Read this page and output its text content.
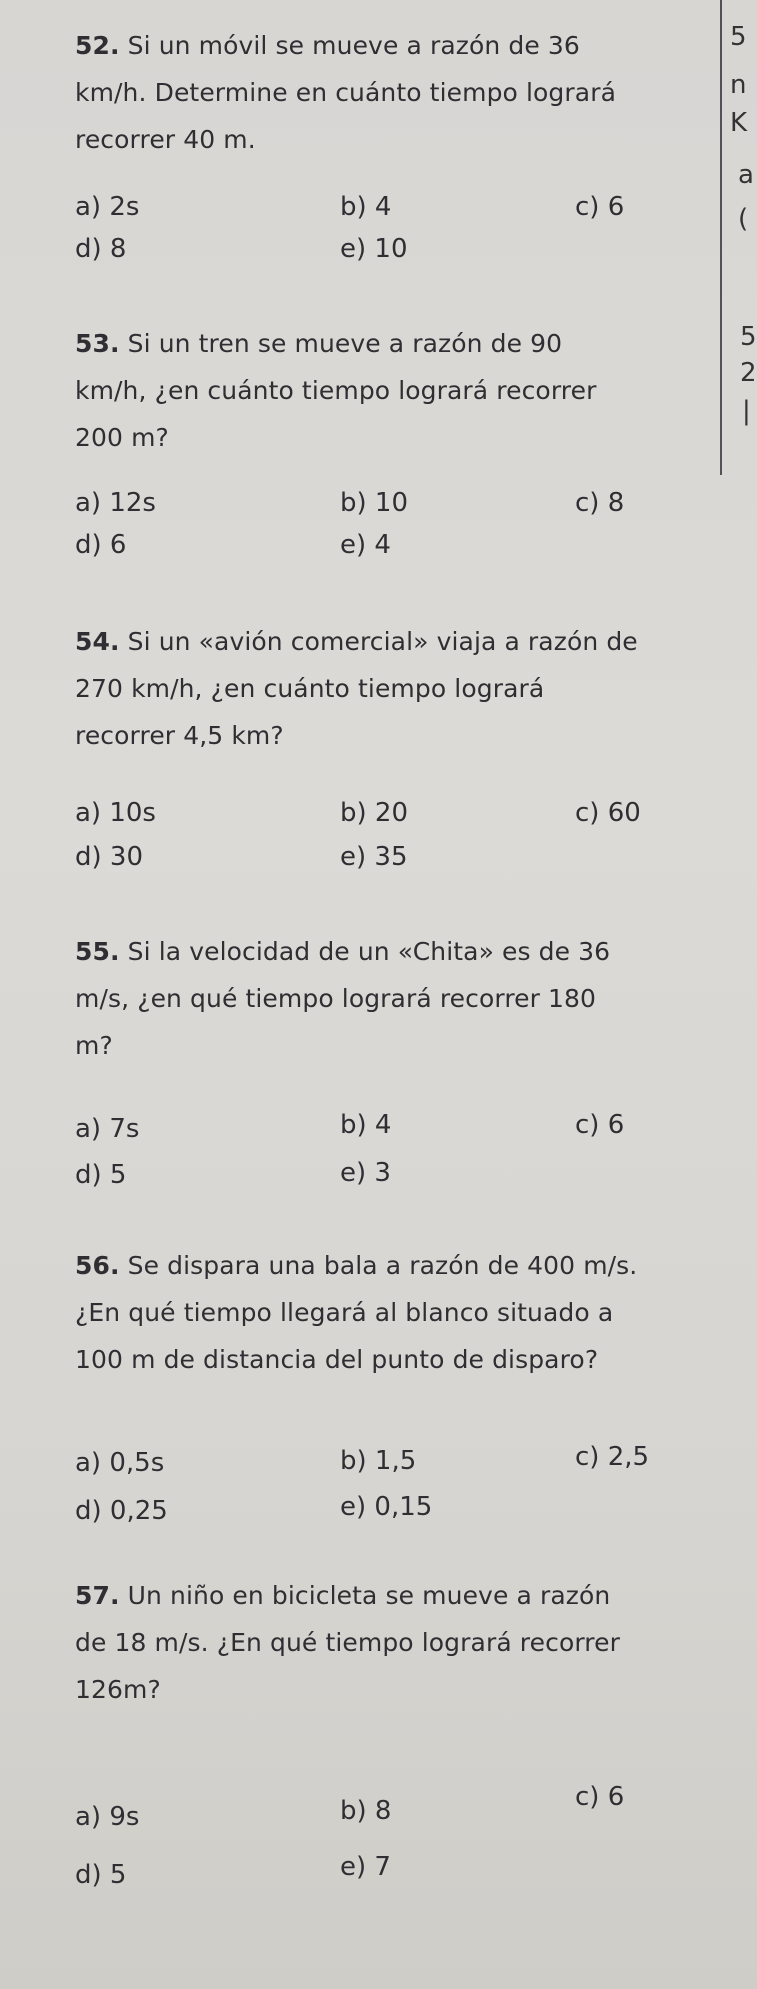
5
n
K
a
(
5
2
|

52. Si un móvil se mueve a razón de 36
km/h. Determine en cuánto tiempo logrará
recorrer 40 m.

a) 2s	b) 4	c) 6
d) 8	e) 10

53. Si un tren se mueve a razón de 90
km/h, ¿en cuánto tiempo logrará recorrer
200 m?

a) 12s	b) 10	c) 8
d) 6	e) 4

54. Si un «avión comercial» viaja a razón de
270 km/h, ¿en cuánto tiempo logrará
recorrer 4,5 km?

a) 10s	b) 20	c) 60
d) 30	e) 35

55. Si la velocidad de un «Chita» es de 36
m/s, ¿en qué tiempo logrará recorrer 180
m?

a) 7s	b) 4	c) 6
d) 5	e) 3

56. Se dispara una bala a razón de 400 m/s.
¿En qué tiempo llegará al blanco situado a
100 m de distancia del punto de disparo?

a) 0,5s	b) 1,5	c) 2,5
d) 0,25	e) 0,15

57. Un niño en bicicleta se mueve a razón
de 18 m/s. ¿En qué tiempo logrará recorrer
126m?

a) 9s	b) 8	c) 6
d) 5	e) 7
